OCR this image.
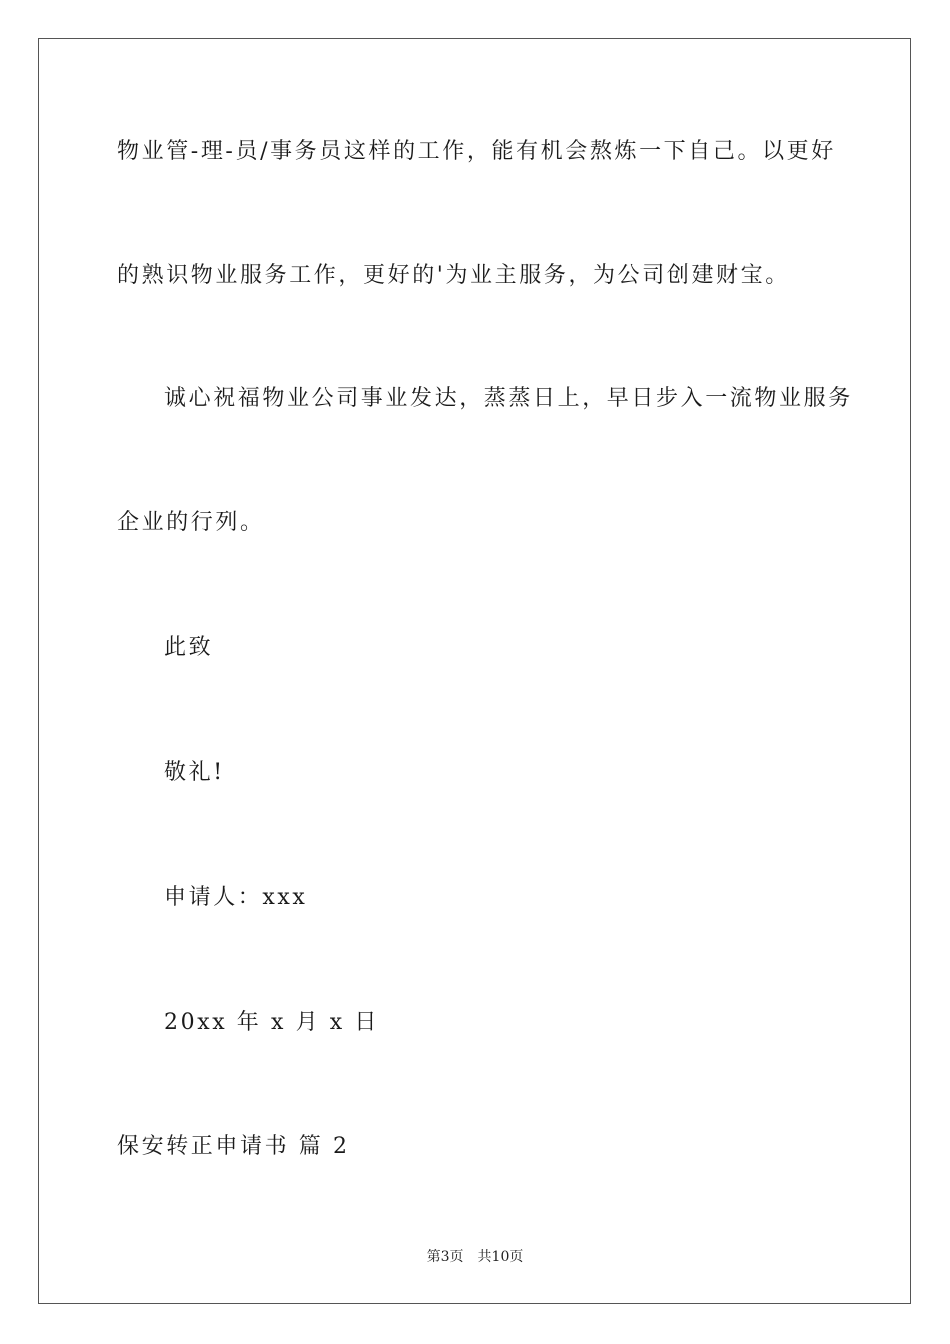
物业管-理-员/事务员这样的工作，能有机会熬炼一下自己。以更好
的熟识物业服务工作，更好的'为业主服务，为公司创建财宝。
诚心祝福物业公司事业发达，蒸蒸日上，早日步入一流物业服务
企业的行列。
此致
敬礼!
申请人：xxx
20xx 年 x 月 x 日
保安转正申请书 篇 2
第3页 共10页
